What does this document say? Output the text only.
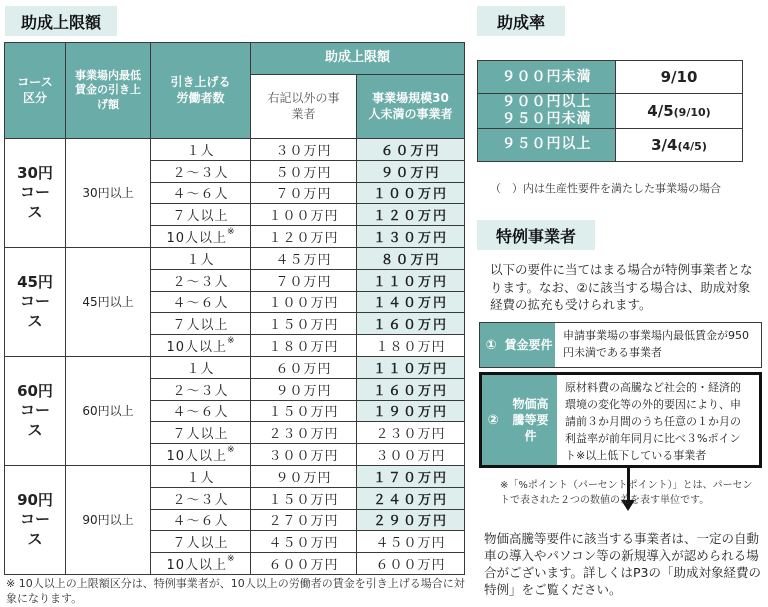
助成上限額
コース区分	事業場内最低賃金の引き上げ額	引き上げる労働者数	助成上限額	
			右記以外の事業者	事業場規模30人未満の事業者
30円コース	30円以上	１人	３０万円	６０万円
		２～３人	５０万円	９０万円
		４～６人	７０万円	１００万円
		７人以上	１００万円	１２０万円
		10人以上※	１２０万円	１３０万円
45円コース	45円以上	１人	４５万円	８０万円
		２～３人	７０万円	１１０万円
		４～６人	１００万円	１４０万円
		７人以上	１５０万円	１６０万円
		10人以上※	１８０万円	１８０万円
60円コース	60円以上	１人	６０万円	１１０万円
		２～３人	９０万円	１６０万円
		４～６人	１５０万円	１９０万円
		７人以上	２３０万円	２３０万円
		10人以上※	３００万円	３００万円
90円コース	90円以上	１人	９０万円	１７０万円
		２～３人	１５０万円	２４０万円
		４～６人	２７０万円	２９０万円
		７人以上	４５０万円	４５０万円
		10人以上※	６００万円	６００万円
※ 10人以上の上限額区分は、特例事業者が、10人以上の労働者の賃金を引き上げる場合に対象になります。
助成率
９００円未満	9/10
９００円以上 ９５０円未満	4/5(9/10)
９５０円以上	3/4(4/5)
（　）内は生産性要件を満たした事業場の場合
特例事業者
以下の要件に当てはまる場合が特例事業者となります。なお、②に該当する場合は、助成対象経費の拡充も受けられます。
① 賃金要件
申請事業場の事業場内最低賃金が950円未満である事業者
②
物価高騰等要件
原材料費の高騰など社会的・経済的環境の変化等の外的要因により、申請前３か月間のうち任意の１か月の利益率が前年同月に比べ３%ポイント※以上低下している事業者
※「%ポイント（パーセントポイント）」とは、パーセントで表された２つの数値の差を表す単位です。
物価高騰等要件に該当する事業者は、一定の自動車の導入やパソコン等の新規導入が認められる場合がございます。詳しくはP3の「助成対象経費の特例」をご覧ください。
